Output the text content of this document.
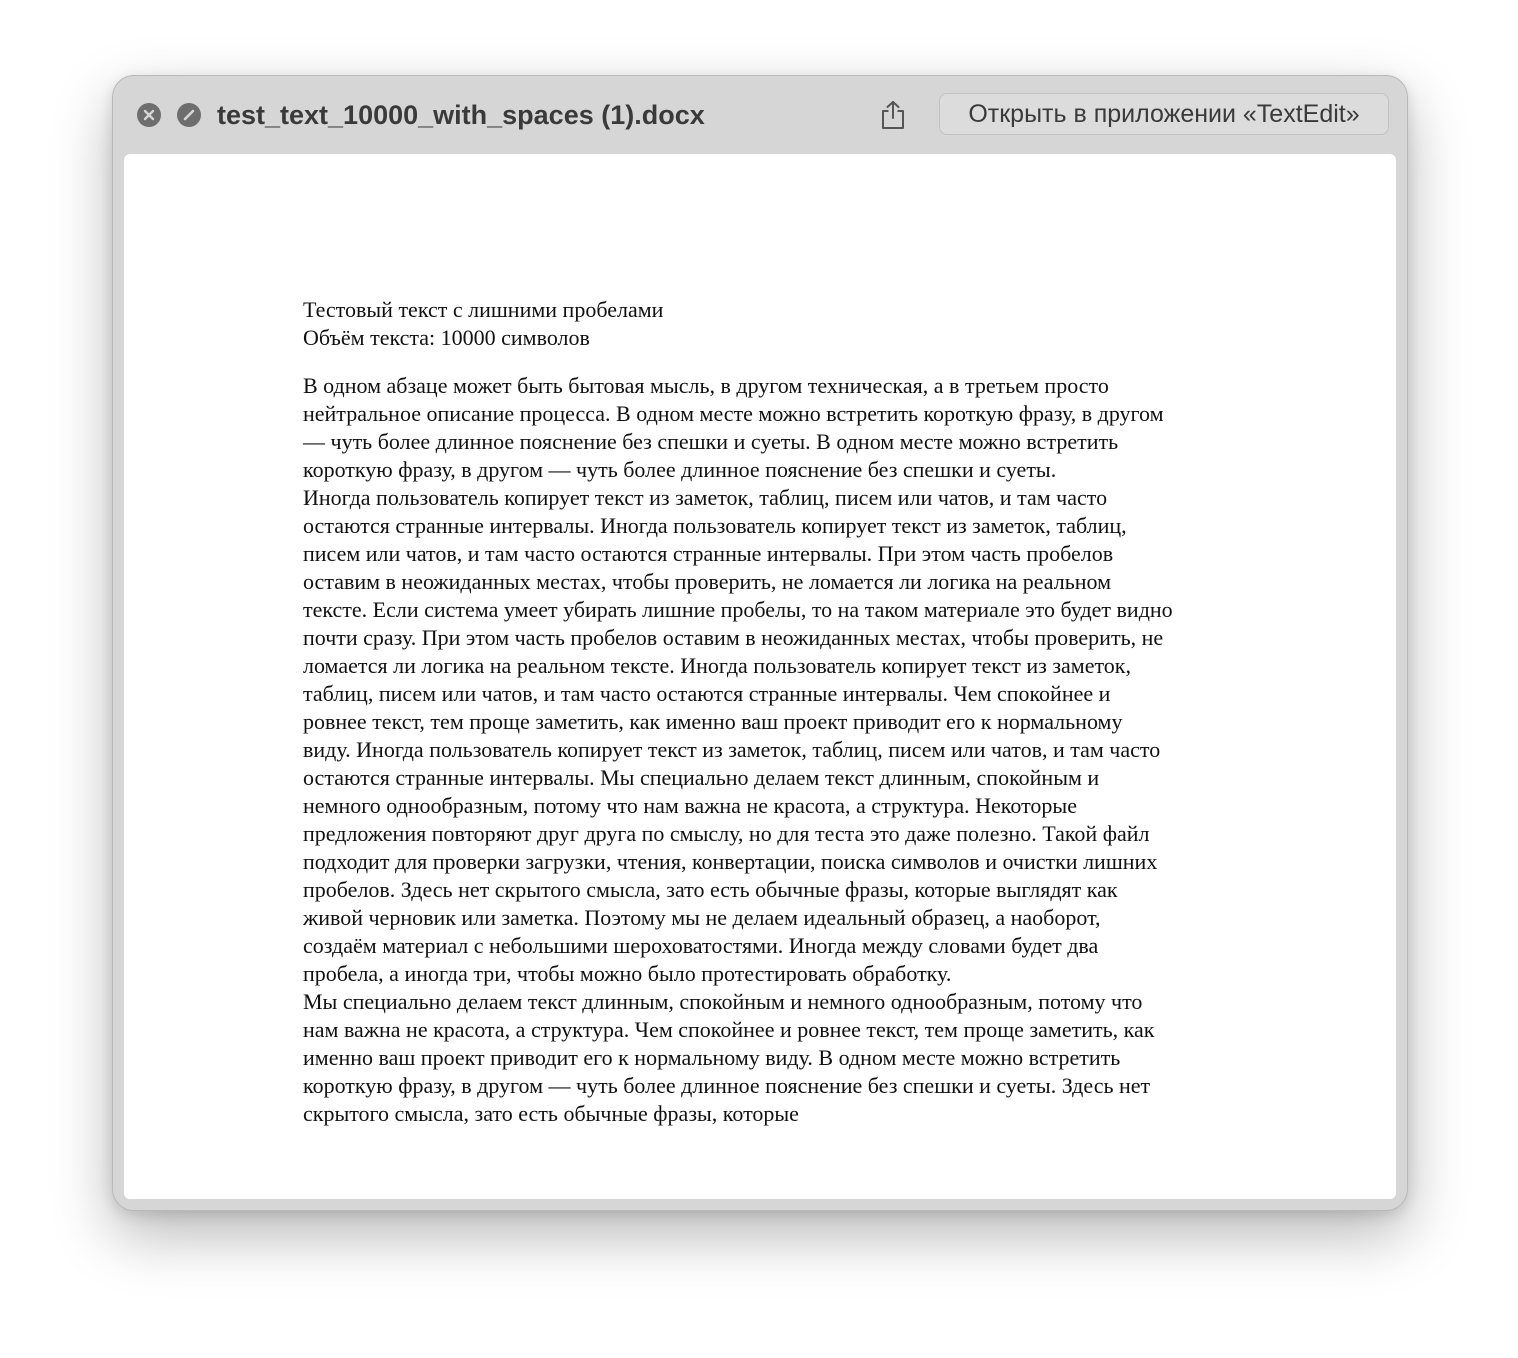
test_text_10000_with_spaces (1).docx	Открыть в приложении «TextEdit»

Тестовый текст с лишними пробелами

Объём текста: 10000 символов

В одном абзаце может быть бытовая мысль, в другом техническая, а в третьем просто нейтральное описание процесса. В одном месте можно встретить короткую фразу, в другом — чуть более длинное пояснение без спешки и суеты. В одном месте можно встретить короткую фразу, в другом — чуть более длинное пояснение без спешки и суеты.

Иногда пользователь копирует текст из заметок, таблиц, писем или чатов, и там часто остаются странные интервалы. Иногда пользователь копирует текст из заметок, таблиц, писем или чатов, и там часто остаются странные интервалы. При этом часть пробелов оставим в неожиданных местах, чтобы проверить, не ломается ли логика на реальном тексте. Если система умеет убирать лишние пробелы, то на таком материале это будет видно почти сразу. При этом часть пробелов оставим в неожиданных местах, чтобы проверить, не ломается ли логика на реальном тексте. Иногда пользователь копирует текст из заметок, таблиц, писем или чатов, и там часто остаются странные интервалы. Чем спокойнее и ровнее текст, тем проще заметить, как именно ваш проект приводит его к нормальному виду. Иногда пользователь копирует текст из заметок, таблиц, писем или чатов, и там часто остаются странные интервалы. Мы специально делаем текст длинным, спокойным и немного однообразным, потому что нам важна не красота, а структура. Некоторые предложения повторяют друг друга по смыслу, но для теста это даже полезно. Такой файл подходит для проверки загрузки, чтения, конвертации, поиска символов и очистки лишних пробелов. Здесь нет скрытого смысла, зато есть обычные фразы, которые выглядят как живой черновик или заметка. Поэтому мы не делаем идеальный образец, а наоборот, создаём материал с небольшими шероховатостями. Иногда между словами будет два пробела, а иногда три, чтобы можно было протестировать обработку.

Мы специально делаем текст длинным, спокойным и немного однообразным, потому что нам важна не красота, а структура. Чем спокойнее и ровнее текст, тем проще заметить, как именно ваш проект приводит его к нормальному виду. В одном месте можно встретить короткую фразу, в другом — чуть более длинное пояснение без спешки и суеты. Здесь нет скрытого смысла, зато есть обычные фразы, которые
